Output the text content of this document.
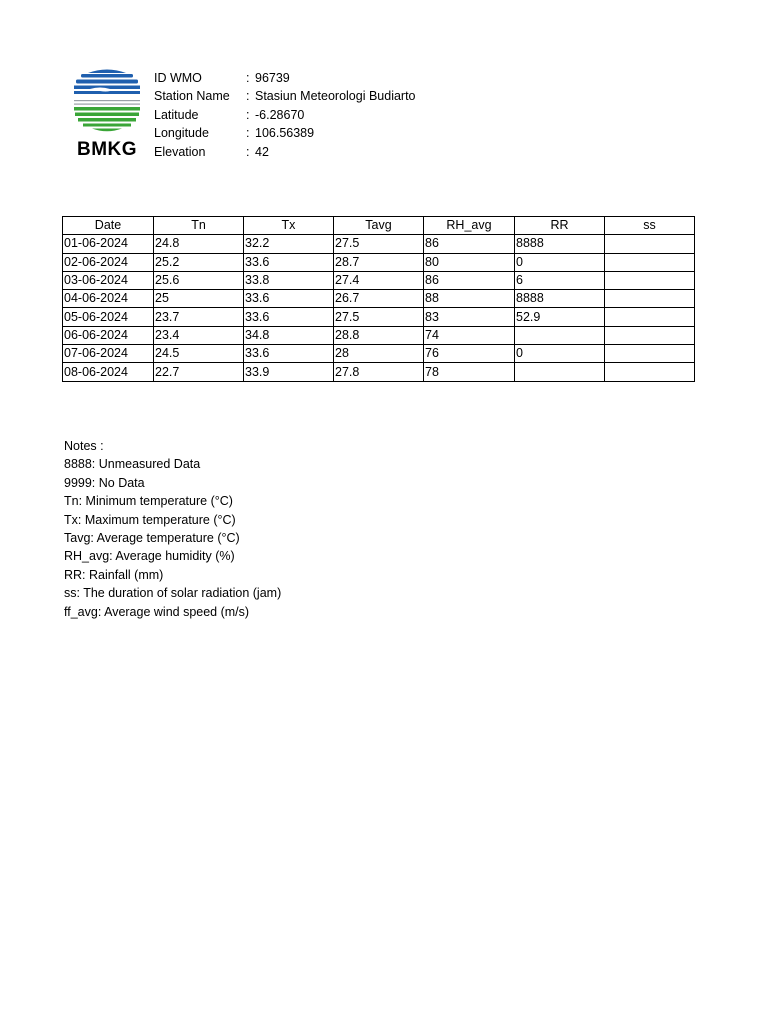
BMKG
ID WMO	: 96739
Station Name : Stasiun Meteorologi Budiarto
Latitude	: -6.28670
Longitude	: 106.56389
Elevation	: 42
Date	Tn	Tx	Tavg	RH_avg	RR	ss
01-06-2024	24.8	32.2	27.5	86	8888	
02-06-2024	25.2	33.6	28.7	80	0	
03-06-2024	25.6	33.8	27.4	86	6	
04-06-2024	25	33.6	26.7	88	8888	
05-06-2024	23.7	33.6	27.5	83	52.9	
06-06-2024	23.4	34.8	28.8	74		
07-06-2024	24.5	33.6	28	76	0	
08-06-2024	22.7	33.9	27.8	78		
Notes :
8888: Unmeasured Data
9999: No Data
Tn: Minimum temperature (°C)
Tx: Maximum temperature (°C)
Tavg: Average temperature (°C)
RH_avg: Average humidity (%)
RR: Rainfall (mm)
ss: The duration of solar radiation (jam)
ff_avg: Average wind speed (m/s)
